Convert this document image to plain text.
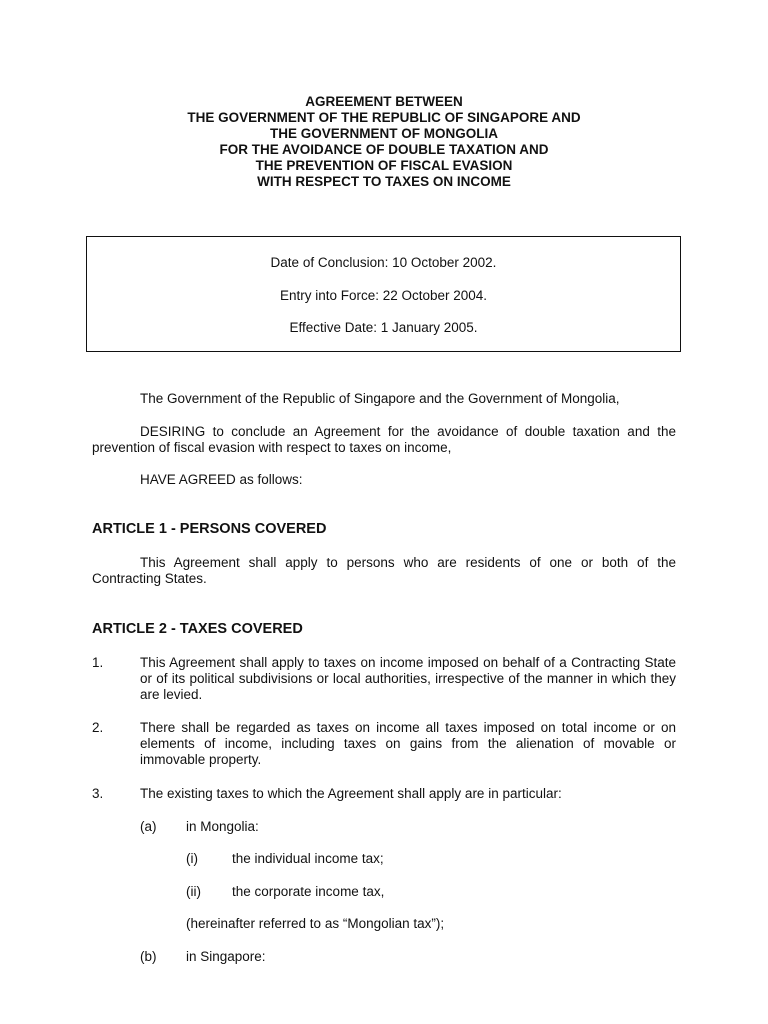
AGREEMENT BETWEEN
THE GOVERNMENT OF THE REPUBLIC OF SINGAPORE AND
THE GOVERNMENT OF MONGOLIA
FOR THE AVOIDANCE OF DOUBLE TAXATION AND
THE PREVENTION OF FISCAL EVASION
WITH RESPECT TO TAXES ON INCOME
Date of Conclusion: 10 October 2002.
Entry into Force: 22 October 2004.
Effective Date: 1 January 2005.
The Government of the Republic of Singapore and the Government of Mongolia,
DESIRING to conclude an Agreement for the avoidance of double taxation and the prevention of fiscal evasion with respect to taxes on income,
HAVE AGREED as follows:
ARTICLE 1 - PERSONS COVERED
This Agreement shall apply to persons who are residents of one or both of the Contracting States.
ARTICLE 2 - TAXES COVERED
1.	This Agreement shall apply to taxes on income imposed on behalf of a Contracting State or of its political subdivisions or local authorities, irrespective of the manner in which they are levied.
2.	There shall be regarded as taxes on income all taxes imposed on total income or on elements of income, including taxes on gains from the alienation of movable or immovable property.
3.	The existing taxes to which the Agreement shall apply are in particular:
(a) in Mongolia:
(i)	the individual income tax;
(ii) the corporate income tax,
(hereinafter referred to as “Mongolian tax”);
(b) in Singapore:
